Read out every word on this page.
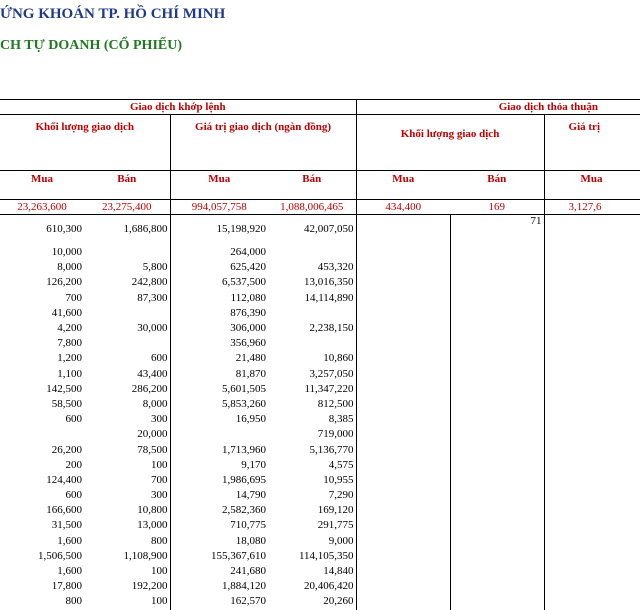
ỨNG KHOÁN TP. HỒ CHÍ MINH
CH TỰ DOANH (CỔ PHIẾU)
Giao dịch khớp lệnh				Giao dịch thỏa thuận		
Khối lượng giao dịch		Giá trị giao dịch (ngàn đồng)		Khối lượng giao dịch		Giá trị
Mua	Bán	Mua	Bán	Mua	Bán	Mua
23,263,600	23,275,400	994,057,758	1,088,006,465	434,400	169	3,127,6
610,300	1,686,800	15,198,920	42,007,050		71	
10,000		264,000				
8,000	5,800	625,420	453,320			
126,200	242,800	6,537,500	13,016,350			
700	87,300	112,080	14,114,890			
41,600		876,390				
4,200	30,000	306,000	2,238,150			
7,800		356,960				
1,200	600	21,480	10,860			
1,100	43,400	81,870	3,257,050			
142,500	286,200	5,601,505	11,347,220			
58,500	8,000	5,853,260	812,500			
600	300	16,950	8,385			
	20,000		719,000			
26,200	78,500	1,713,960	5,136,770			
200	100	9,170	4,575			
124,400	700	1,986,695	10,955			
600	300	14,790	7,290			
166,600	10,800	2,582,360	169,120			
31,500	13,000	710,775	291,775			
1,600	800	18,080	9,000			
1,506,500	1,108,900	155,367,610	114,105,350			
1,600	100	241,680	14,840			
17,800	192,200	1,884,120	20,406,420			
800	100	162,570	20,260			
